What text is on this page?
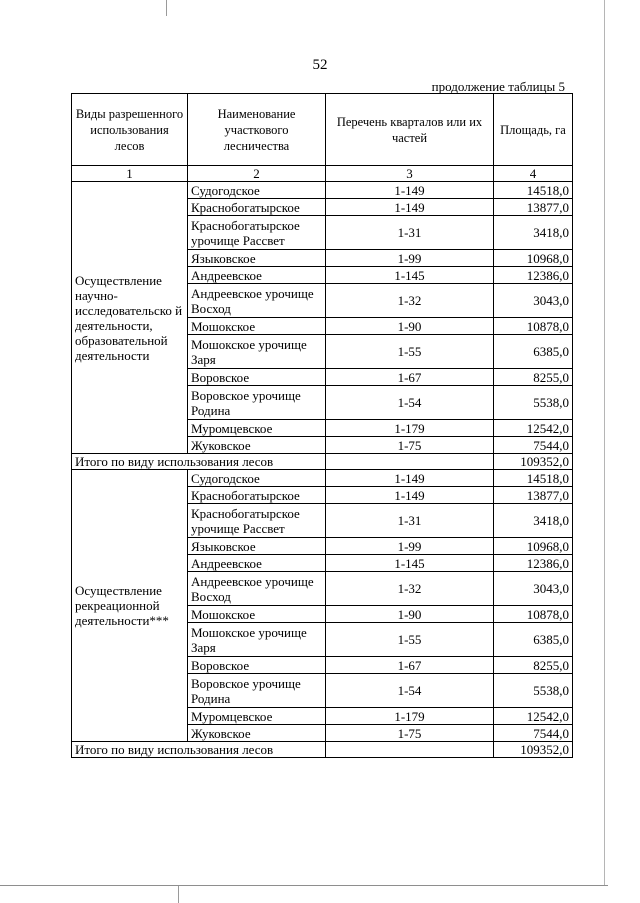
52
продолжение таблицы 5
Виды разрешенного использования лесов	Наименование участкового лесничества	Перечень кварталов или их частей	Площадь, га
1	2	3	4
Осуществление научно-исследовательско й деятельности, образовательной деятельности	Судогодское	1-149	14518,0
	Краснобогатырское	1-149	13877,0
	Краснобогатырское урочище Рассвет	1-31	3418,0
	Языковское	1-99	10968,0
	Андреевское	1-145	12386,0
	Андреевское урочище Восход	1-32	3043,0
	Мошокское	1-90	10878,0
	Мошокское урочище Заря	1-55	6385,0
	Воровское	1-67	8255,0
	Воровское урочище Родина	1-54	5538,0
	Муромцевское	1-179	12542,0
	Жуковское	1-75	7544,0
Итого по виду использования лесов			109352,0
Осуществление рекреационной деятельности***	Судогодское	1-149	14518,0
	Краснобогатырское	1-149	13877,0
	Краснобогатырское урочище Рассвет	1-31	3418,0
	Языковское	1-99	10968,0
	Андреевское	1-145	12386,0
	Андреевское урочище Восход	1-32	3043,0
	Мошокское	1-90	10878,0
	Мошокское урочище Заря	1-55	6385,0
	Воровское	1-67	8255,0
	Воровское урочище Родина	1-54	5538,0
	Муромцевское	1-179	12542,0
	Жуковское	1-75	7544,0
Итого по виду использования лесов			109352,0
